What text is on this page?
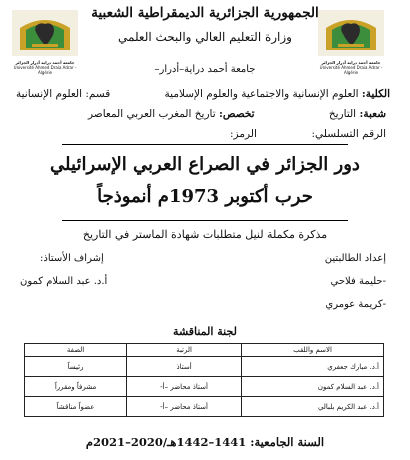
جامعة أحمد دراية أدرار الجزائر
Université Ahmed Draia Adrar - Algérie
جامعة أحمد دراية أدرار الجزائر
Université Ahmed Draia Adrar - Algérie
الجمهورية الجزائرية الديمقراطية الشعبية
وزارة التعليم العالي والبحث العلمي
جامعة أحمد دراية–أدرار–
الكلية: العلوم الإنسانية والاجتماعية والعلوم الإسلامية
قسم: العلوم الإنسانية
شعبة: التاريخ
تخصص: تاريخ المغرب العربي المعاصر
الرقم التسلسلي:
الرمز:
دور الجزائر في الصراع العربي الإسرائيلي
حرب أكتوبر 1973م أنموذجاً
مذكرة مكملة لنيل متطلبات شهادة الماستر في التاريخ
إعداد الطالبتين
-حليمة فلاحي
-كريمة عومري
إشراف الأستاذ:
أ.د. عبد السلام كمون
لجنة المناقشة
الاسم واللقب	الرتبة	الصفة
أ.د. مبارك جعفري	أستاذ	رئيساً
أ.د. عبد السلام كمون	أستاذ محاضر –أ-	مشرفاً ومقرراً
أ.د. عبد الكريم بلبالي	أستاذ محاضر –أ-	عضواً مناقشاً
السنة الجامعية: 1441–1442هـ/2020–2021م
